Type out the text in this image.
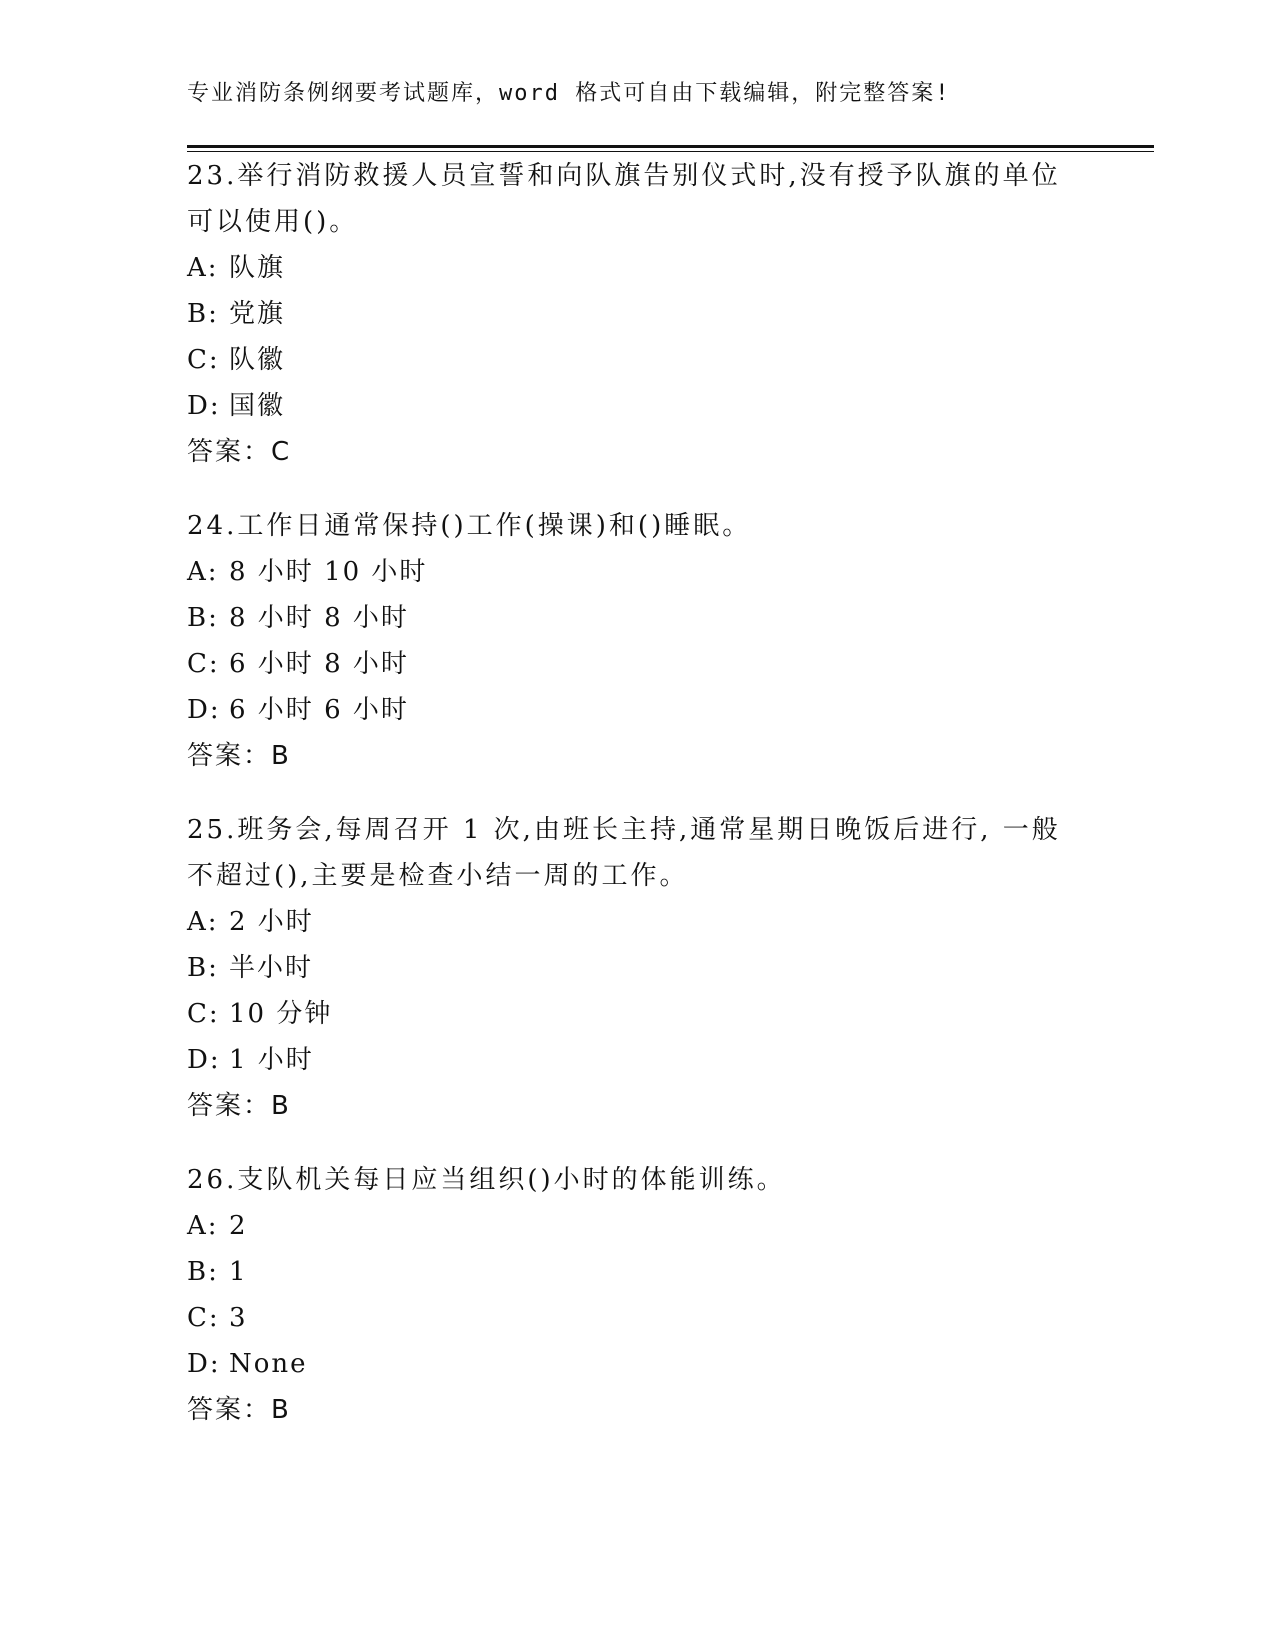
专业消防条例纲要考试题库，word 格式可自由下载编辑，附完整答案!

23.举行消防救援人员宣誓和向队旗告别仪式时,没有授予队旗的单位可以使用()。

A: 队旗

B: 党旗

C: 队徽

D: 国徽

答案：C

24.工作日通常保持()工作(操课)和()睡眠。

A: 8 小时 10 小时

B: 8 小时 8 小时

C: 6 小时 8 小时

D: 6 小时 6 小时

答案：B

25.班务会,每周召开 1 次,由班长主持,通常星期日晚饭后进行, 一般不超过(),主要是检查小结一周的工作。

A: 2 小时

B: 半小时

C: 10 分钟

D: 1 小时

答案：B

26.支队机关每日应当组织()小时的体能训练。

A: 2

B: 1

C: 3

D: None

答案：B
